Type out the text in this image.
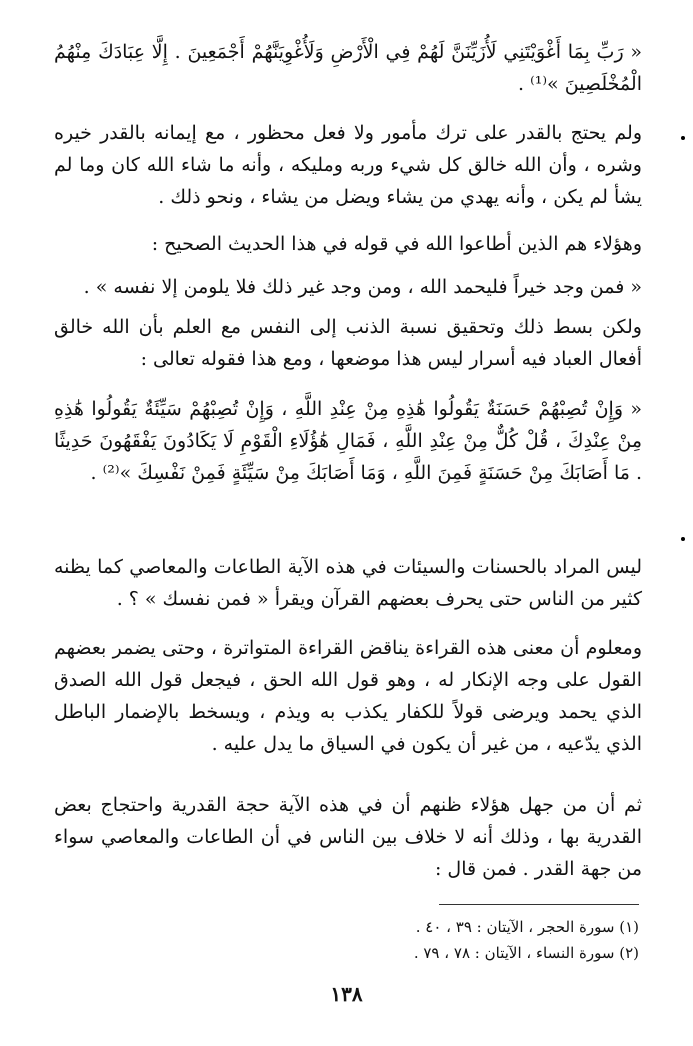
« رَبِّ بِمَا أَغْوَيْتَنِي لَأُزَيِّنَنَّ لَهُمْ فِي الْأَرْضِ وَلَأُغْوِيَنَّهُمْ أَجْمَعِينَ . إِلَّا عِبَادَكَ مِنْهُمُ الْمُخْلَصِينَ »⁽¹⁾ .

ولم يحتج بالقدر على ترك مأمور ولا فعل محظور ، مع إيمانه بالقدر خيره وشره ، وأن الله خالق كل شيء وربه ومليكه ، وأنه ما شاء الله كان وما لم يشأ لم يكن ، وأنه يهدي من يشاء ويضل من يشاء ، ونحو ذلك .

وهؤلاء هم الذين أطاعوا الله في قوله في هذا الحديث الصحيح :

« فمن وجد خيراً فليحمد الله ، ومن وجد غير ذلك فلا يلومن إلا نفسه » .

ولكن بسط ذلك وتحقيق نسبة الذنب إلى النفس مع العلم بأن الله خالق أفعال العباد فيه أسرار ليس هذا موضعها ، ومع هذا فقوله تعالى :

« وَإِنْ تُصِبْهُمْ حَسَنَةٌ يَقُولُوا هَٰذِهِ مِنْ عِنْدِ اللَّهِ ، وَإِنْ تُصِبْهُمْ سَيِّئَةٌ يَقُولُوا هَٰذِهِ مِنْ عِنْدِكَ ، قُلْ كُلٌّ مِنْ عِنْدِ اللَّهِ ، فَمَالِ هَٰؤُلَاءِ الْقَوْمِ لَا يَكَادُونَ يَفْقَهُونَ حَدِيثًا . مَا أَصَابَكَ مِنْ حَسَنَةٍ فَمِنَ اللَّهِ ، وَمَا أَصَابَكَ مِنْ سَيِّئَةٍ فَمِنْ نَفْسِكَ »⁽²⁾ .

ليس المراد بالحسنات والسيئات في هذه الآية الطاعات والمعاصي كما يظنه كثير من الناس حتى يحرف بعضهم القرآن ويقرأ « فمن نفسك » ؟ .

ومعلوم أن معنى هذه القراءة يناقض القراءة المتواترة ، وحتى يضمر بعضهم القول على وجه الإنكار له ، وهو قول الله الحق ، فيجعل قول الله الصدق الذي يحمد ويرضى قولاً للكفار يكذب به ويذم ، ويسخط بالإضمار الباطل الذي يدّعيه ، من غير أن يكون في السياق ما يدل عليه .

ثم أن من جهل هؤلاء ظنهم أن في هذه الآية حجة القدرية واحتجاج بعض القدرية بها ، وذلك أنه لا خلاف بين الناس في أن الطاعات والمعاصي سواء من جهة القدر . فمن قال :

(١) سورة الحجر ، الآيتان : ٣٩ ، ٤٠ .
(٢) سورة النساء ، الآيتان : ٧٨ ، ٧٩ .
١٣٨
